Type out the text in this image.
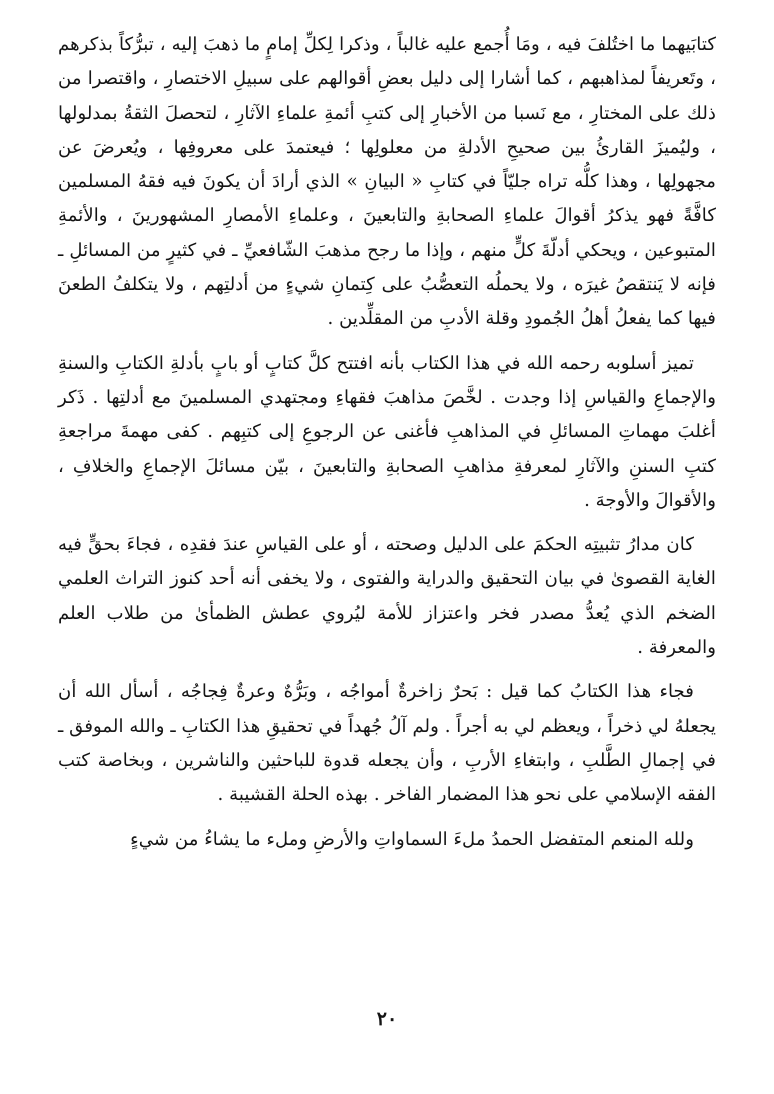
كتابَيهما ما اختُلفَ فيه ، ومَا أُجمع عليه غالباً ، وذكرا لِكلِّ إمامٍ ما ذهبَ إليه ، تبرُّكاً بذكرهم ، وتَعريفاً لمذاهبهم ، كما أشارا إلى دليل بعضِ أقوالهم على سبيلِ الاختصارِ ، واقتصرا من ذلك على المختارِ ، مع نَسبا من الأخبارِ إلى كتبِ أئمةِ علماءِ الآثارِ ، لتحصلَ الثقةُ بمدلولها ، وليُميزَ القارئُ بين صحيحِ الأدلةِ من معلولِها ؛ فيعتمدَ على معروفِها ، ويُعرضَ عن مجهولِها ، وهذا كلُّه تراه جليّاً في كتابِ « البيانِ » الذي أرادَ أن يكونَ فيه فقهُ المسلمين كافَّةً فهو يذكرُ أقوالَ علماءِ الصحابةِ والتابعينَ ، وعلماءِ الأمصارِ المشهورينَ ، والأئمةِ المتبوعين ، ويحكي أدلّةَ كلٍّ منهم ، وإذا ما رجح مذهبَ الشّافعيِّ ـ في كثيرٍ من المسائلِ ـ فإنه لا يَنتقصُ غيرَه ، ولا يحملُه التعصُّبُ على كِتمانِ شيءٍ من أدلتِهم ، ولا يتكلفُ الطعنَ فيها كما يفعلُ أهلُ الجُمودِ وقلة الأدبِ من المقلِّدين .

تميز أسلوبه رحمه الله في هذا الكتاب بأنه افتتح كلَّ كتابٍ أو بابٍ بأدلةِ الكتابِ والسنةِ والإجماعِ والقياسِ إذا وجدت . لخَّصَ مذاهبَ فقهاءِ ومجتهدي المسلمينَ مع أدلتِها . ذَكر أغلبَ مهماتِ المسائلِ في المذاهبِ فأغنى عن الرجوعِ إلى كتبِهم . كفى مهمةَ مراجعةِ كتبِ السننِ والآثارِ لمعرفةِ مذاهبِ الصحابةِ والتابعينَ ، بيّن مسائلَ الإجماعِ والخلافِ ، والأقوالَ والأوجهَ .

كان مدارُ تثبيتِه الحكمَ على الدليل وصحته ، أو على القياسِ عندَ فقدِه ، فجاءَ بحقٍّ فيه الغاية القصوىٰ في بيان التحقيق والدراية والفتوى ، ولا يخفى أنه أحد كنوز التراث العلمي الضخم الذي يُعدُّ مصدر فخر واعتزاز للأمة ليُروي عطش الظمأىٰ من طلاب العلم والمعرفة .

فجاء هذا الكتابُ كما قيل : بَحرٌ زاخرةٌ أمواجُه ، وبَرُّهٌ وعرةٌ فِجاجُه ، أسأل الله أن يجعلهُ لي ذخراً ، ويعظم لي به أجراً . ولم آلُ جُهداً في تحقيقِ هذا الكتابِ ـ والله الموفق ـ في إجمالِ الطَّلبِ ، وابتغاءِ الأربِ ، وأن يجعله قدوة للباحثين والناشرين ، وبخاصة كتب الفقه الإسلامي على نحو هذا المضمار الفاخر . بهذه الحلة القشيبة .

ولله المنعم المتفضل الحمدُ ملءَ السماواتِ والأرضِ وملء ما يشاءُ من شيءٍ

٢٠
